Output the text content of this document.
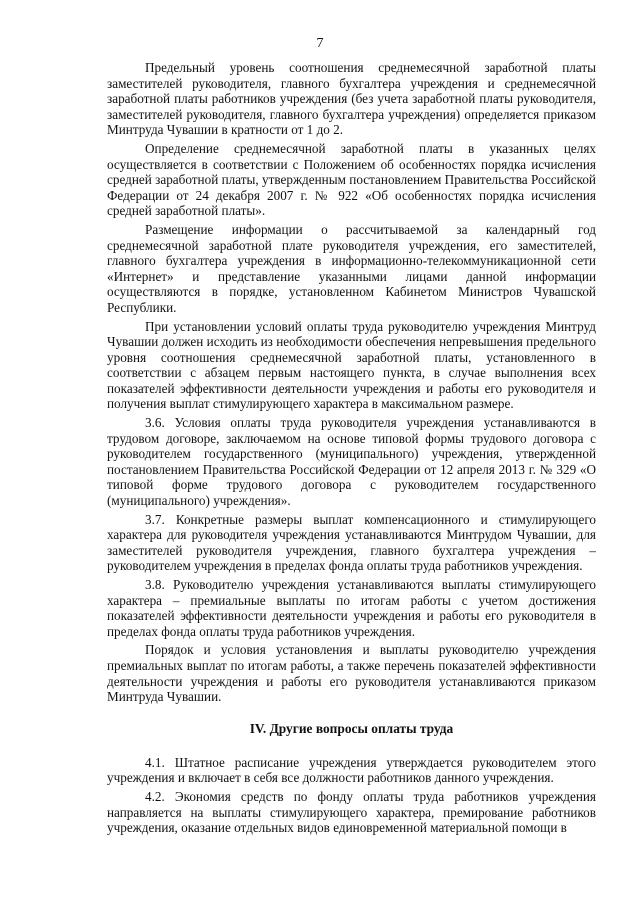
7

Предельный уровень соотношения среднемесячной заработной платы заместителей руководителя, главного бухгалтера учреждения и среднемесячной заработной платы работников учреждения (без учета заработной платы руководителя, заместителей руководителя, главного бухгалтера учреждения) определяется приказом Минтруда Чувашии в кратности от 1 до 2.

Определение среднемесячной заработной платы в указанных целях осуществляется в соответствии с Положением об особенностях порядка исчисления средней заработной платы, утвержденным постановлением Правительства Российской Федерации от 24 декабря 2007 г. № 922 «Об особенностях порядка исчисления средней заработной платы».

Размещение информации о рассчитываемой за календарный год среднемесячной заработной плате руководителя учреждения, его заместителей, главного бухгалтера учреждения в информационно-телекоммуникационной сети «Интернет» и представление указанными лицами данной информации осуществляются в порядке, установленном Кабинетом Министров Чувашской Республики.

При установлении условий оплаты труда руководителю учреждения Минтруд Чувашии должен исходить из необходимости обеспечения непревышения предельного уровня соотношения среднемесячной заработной платы, установленного в соответствии с абзацем первым настоящего пункта, в случае выполнения всех показателей эффективности деятельности учреждения и работы его руководителя и получения выплат стимулирующего характера в максимальном размере.

3.6. Условия оплаты труда руководителя учреждения устанавливаются в трудовом договоре, заключаемом на основе типовой формы трудового договора с руководителем государственного (муниципального) учреждения, утвержденной постановлением Правительства Российской Федерации от 12 апреля 2013 г. № 329 «О типовой форме трудового договора с руководителем государственного (муниципального) учреждения».

3.7. Конкретные размеры выплат компенсационного и стимулирующего характера для руководителя учреждения устанавливаются Минтрудом Чувашии, для заместителей руководителя учреждения, главного бухгалтера учреждения – руководителем учреждения в пределах фонда оплаты труда работников учреждения.

3.8. Руководителю учреждения устанавливаются выплаты стимулирующего характера – премиальные выплаты по итогам работы с учетом достижения показателей эффективности деятельности учреждения и работы его руководителя в пределах фонда оплаты труда работников учреждения.

Порядок и условия установления и выплаты руководителю учреждения премиальных выплат по итогам работы, а также перечень показателей эффективности деятельности учреждения и работы его руководителя устанавливаются приказом Минтруда Чувашии.

IV. Другие вопросы оплаты труда

4.1. Штатное расписание учреждения утверждается руководителем этого учреждения и включает в себя все должности работников данного учреждения.

4.2. Экономия средств по фонду оплаты труда работников учреждения направляется на выплаты стимулирующего характера, премирование работников учреждения, оказание отдельных видов единовременной материальной помощи в
